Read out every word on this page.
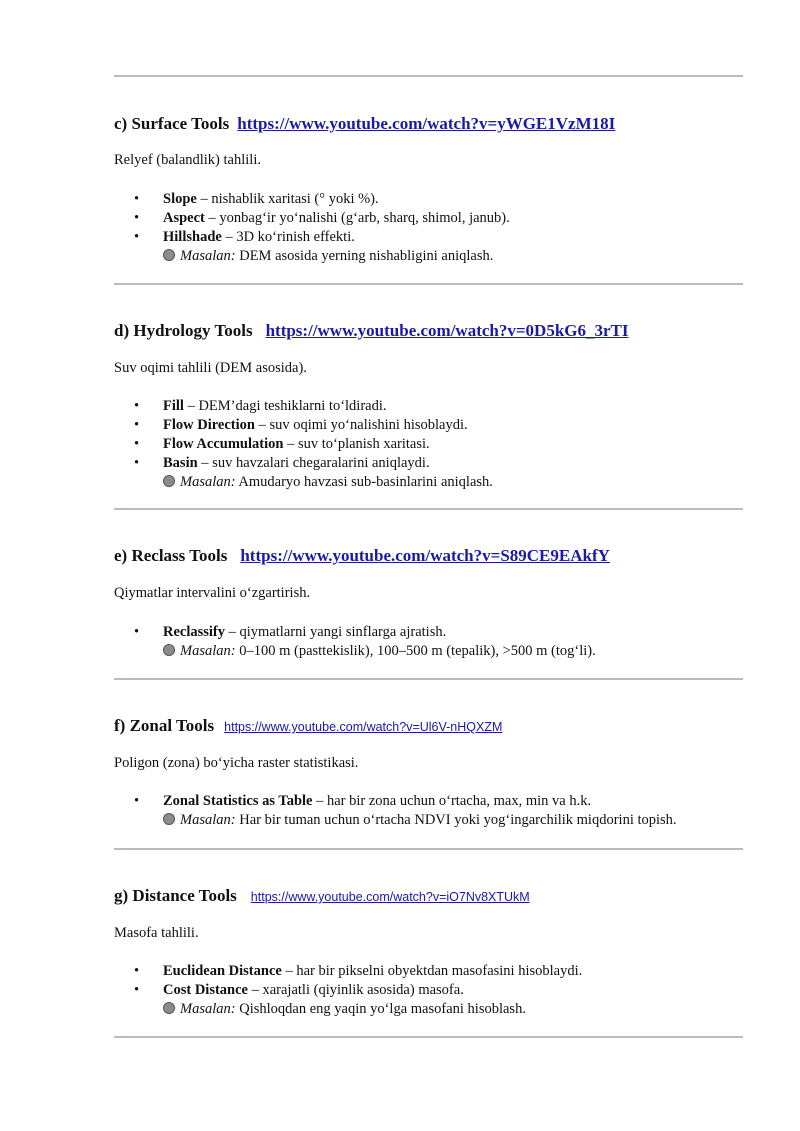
c) Surface Tools https://www.youtube.com/watch?v=yWGE1VzM18I

Relyef (balandlik) tahlili.

• Slope – nishablik xaritasi (° yoki %).
• Aspect – yonbag‘ir yo‘nalishi (g‘arb, sharq, shimol, janub).
• Hillshade – 3D ko‘rinish effekti.
Masalan: DEM asosida yerning nishabligini aniqlash.
d) Hydrology Tools https://www.youtube.com/watch?v=0D5kG6_3rTI

Suv oqimi tahlili (DEM asosida).

• Fill – DEM’dagi teshiklarni to‘ldiradi.
• Flow Direction – suv oqimi yo‘nalishini hisoblaydi.
• Flow Accumulation – suv to‘planish xaritasi.
• Basin – suv havzalari chegaralarini aniqlaydi.
Masalan: Amudaryo havzasi sub-basinlarini aniqlash.
e) Reclass Tools https://www.youtube.com/watch?v=S89CE9EAkfY

Qiymatlar intervalini o‘zgartirish.

• Reclassify – qiymatlarni yangi sinflarga ajratish.
Masalan: 0–100 m (pasttekislik), 100–500 m (tepalik), >500 m (tog‘li).
f) Zonal Tools https://www.youtube.com/watch?v=Ul6V-nHQXZM

Poligon (zona) bo‘yicha raster statistikasi.

• Zonal Statistics as Table – har bir zona uchun o‘rtacha, max, min va h.k.
Masalan: Har bir tuman uchun o‘rtacha NDVI yoki yog‘ingarchilik miqdorini topish.
g) Distance Tools https://www.youtube.com/watch?v=iO7Nv8XTUkM

Masofa tahlili.

• Euclidean Distance – har bir pikselni obyektdan masofasini hisoblaydi.
• Cost Distance – xarajatli (qiyinlik asosida) masofa.
Masalan: Qishloqdan eng yaqin yo‘lga masofani hisoblash.
